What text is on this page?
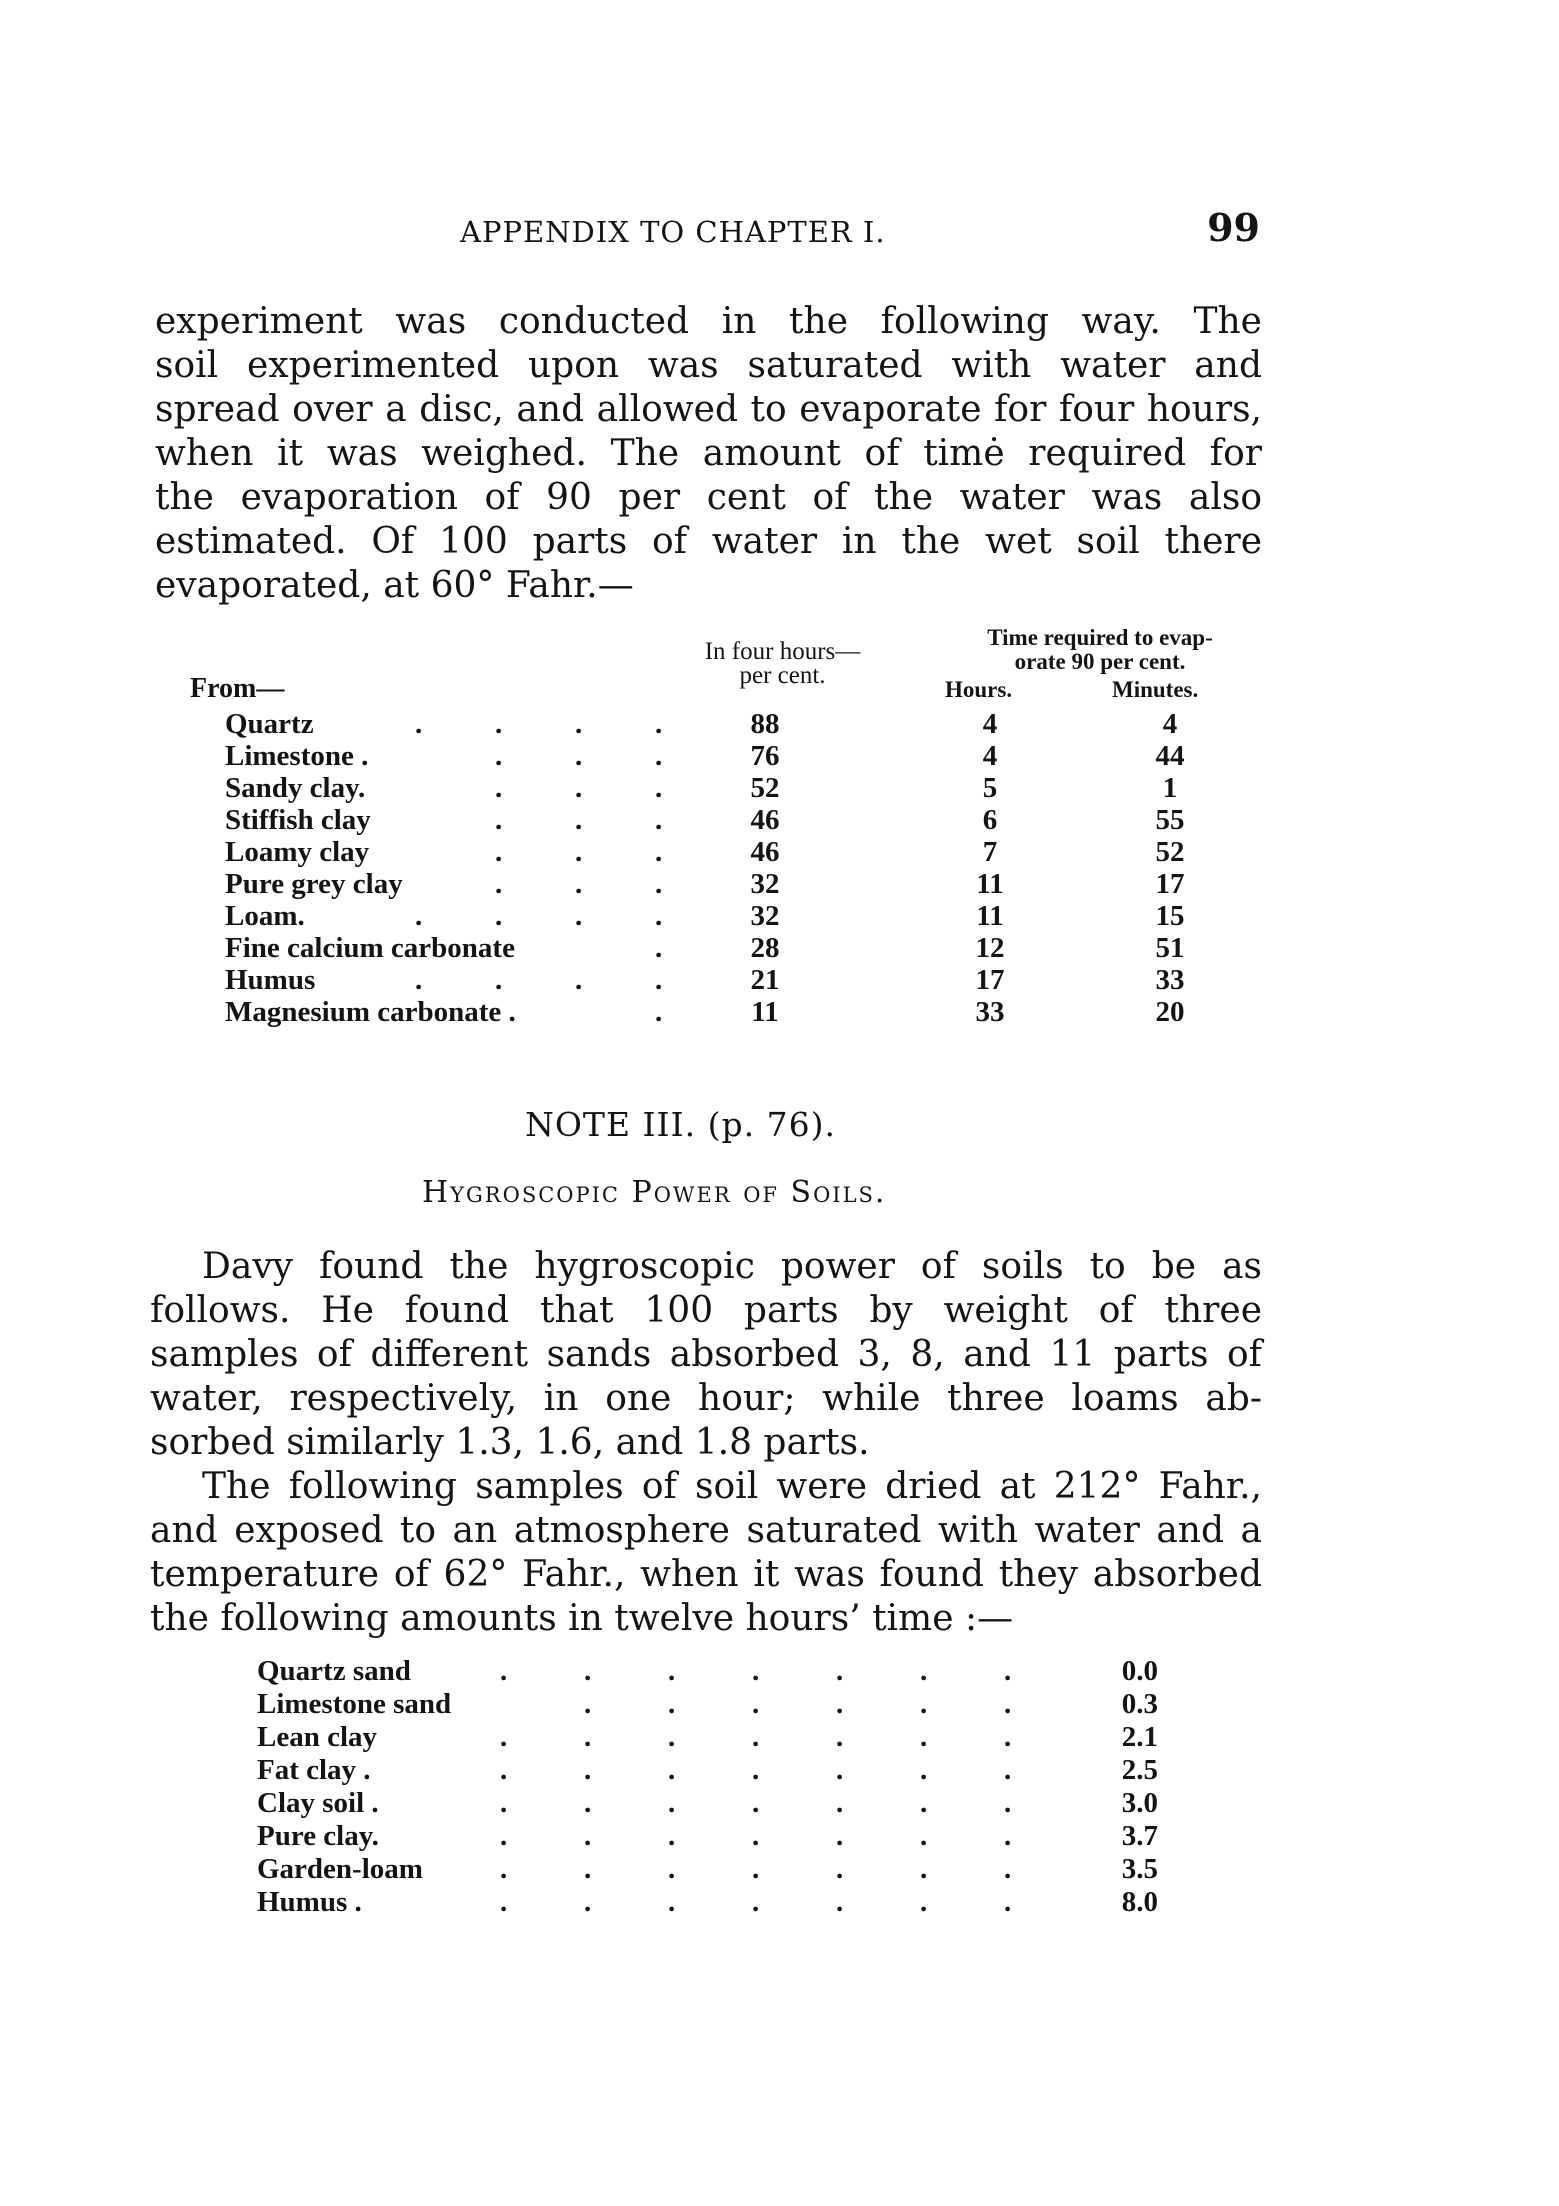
APPENDIX TO CHAPTER I.	99
experiment was conducted in the following way. The
soil experimented upon was saturated with water and
spread over a disc, and allowed to evaporate for four hours,
when it was weighed. The amount of timė required for
the evaporation of 90 per cent of the water was also
estimated. Of 100 parts of water in the wet soil there
evaporated, at 60° Fahr.—
In four hours—
per cent.
Time required to evap-
orate 90 per cent.
Hours.	Minutes.
From—
Quartz	.	.	.	.	88	4	4
Limestone .	.	.	.	76	4	44
Sandy clay.	.	.	.	52	5	1
Stiffish clay	.	.	.	46	6	55
Loamy clay	.	.	.	46	7	52
Pure grey clay	.	.	.	32	11	17
Loam.	.	.	.	.	32	11	15
Fine calcium carbonate	.	28	12	51
Humus	.	.	.	.	21	17	33
Magnesium carbonate .	.	11	33	20
NOTE III. (p. 76).
Hygroscopic Power of Soils.
Davy found the hygroscopic power of soils to be as
follows. He found that 100 parts by weight of three
samples of different sands absorbed 3, 8, and 11 parts of
water, respectively, in one hour; while three loams ab-
sorbed similarly 1.3, 1.6, and 1.8 parts.
The following samples of soil were dried at 212° Fahr.,
and exposed to an atmosphere saturated with water and a
temperature of 62° Fahr., when it was found they absorbed
the following amounts in twelve hours’ time :—
Quartz sand	.	.	.	.	.	.	.	0.0
Limestone sand	.	.	.	.	.	.	0.3
Lean clay	.	.	.	.	.	.	.	2.1
Fat clay .	.	.	.	.	.	.	.	2.5
Clay soil .	.	.	.	.	.	.	.	3.0
Pure clay.	.	.	.	.	.	.	.	3.7
Garden-loam	.	.	.	.	.	.	.	3.5
Humus .	.	.	.	.	.	.	.	8.0
